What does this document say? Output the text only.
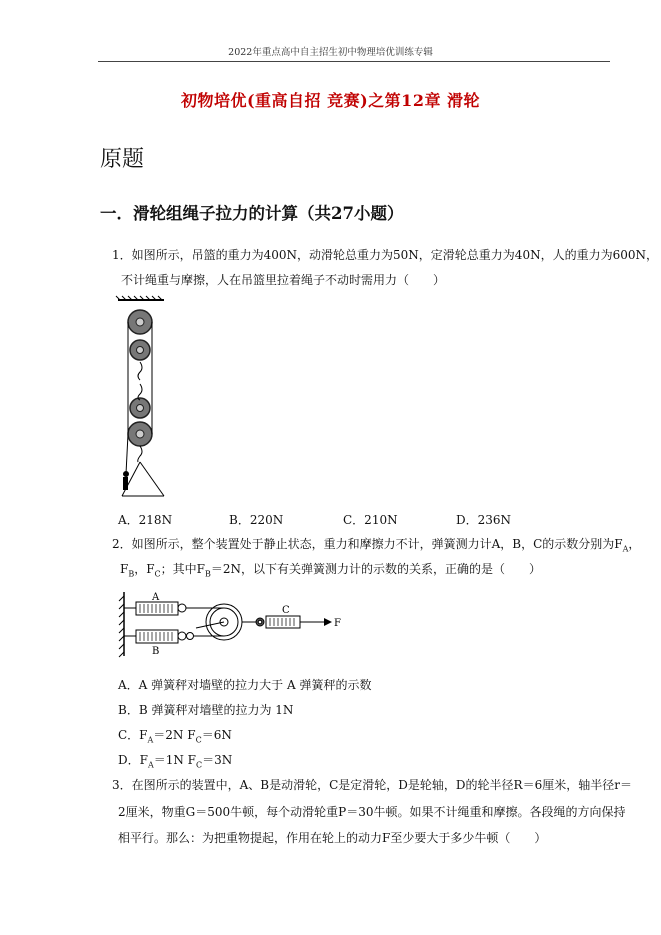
2022年重点高中自主招生初中物理培优训练专辑
初物培优(重高自招 竞赛)之第12章 滑轮
原题
一．滑轮组绳子拉力的计算（共27小题）
1．如图所示，吊篮的重力为400N，动滑轮总重力为50N，定滑轮总重力为40N，人的重力为600N，
不计绳重与摩擦，人在吊篮里拉着绳子不动时需用力（　　）
A．218N	B．220N	C．210N	D．236N
2．如图所示，整个装置处于静止状态，重力和摩擦力不计，弹簧测力计A，B，C的示数分别为$F_A$，
$F_B$，$F_C$；其中$F_B=2N$，以下有关弹簧测力计的示数的关系，正确的是（　　）
A
B
C
F
A．A 弹簧秤对墙壁的拉力大于 A 弹簧秤的示数
B．B 弹簧秤对墙壁的拉力为 1N
C．$F_A=2N$ $F_C=6N$
D．$F_A=1N$ $F_C=3N$
3．在图所示的装置中，A、B是动滑轮，C是定滑轮，D是轮轴，D的轮半径R＝6厘米，轴半径r＝
2厘米，物重G＝500牛顿，每个动滑轮重P＝30牛顿。如果不计绳重和摩擦。各段绳的方向保持
相平行。那么：为把重物提起，作用在轮上的动力F至少要大于多少牛顿（　　）
